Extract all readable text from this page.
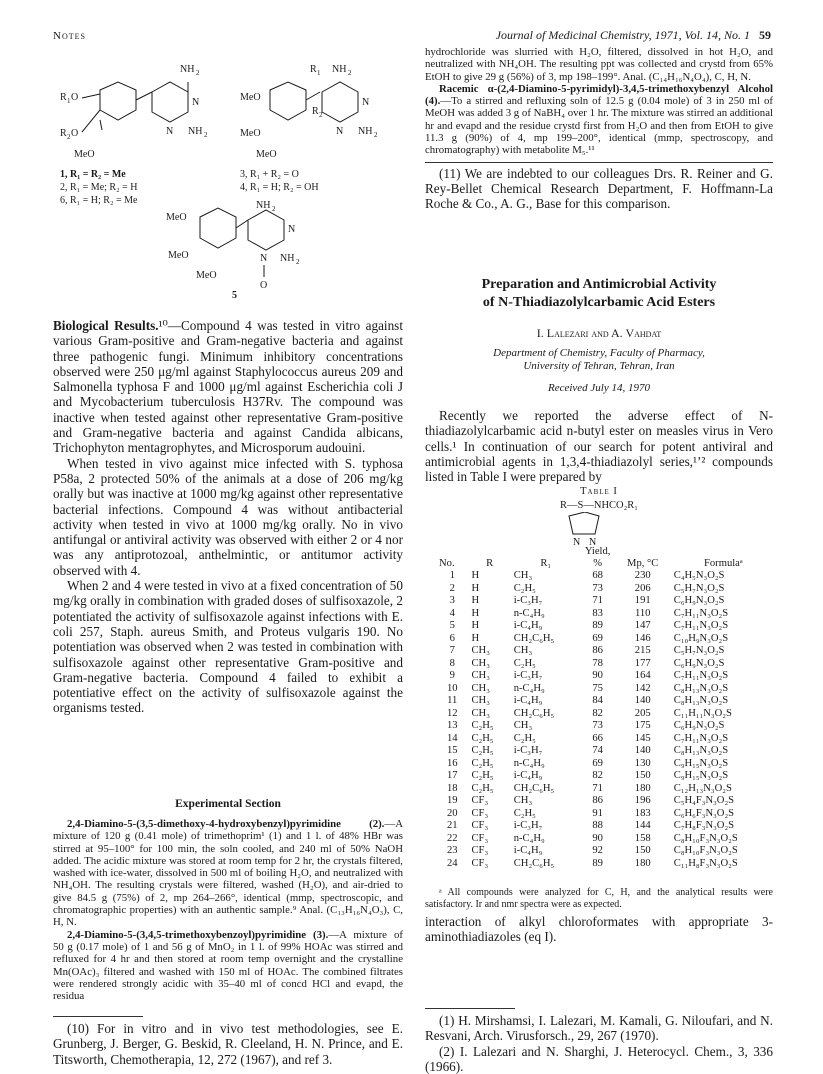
Notes	Journal of Medicinal Chemistry, 1971, Vol. 14, No. 1 59
NH 2
R 1 O
R 2 O
MeO
N
N NH 2
1, R₁ = R₂ = Me
2, R₁ = Me; R₂ = H
6, R₁ = H; R₂ = Me
R 1 NH 2
MeO
MeO
MeO
R 2
N
N NH 2
3, R₁ + R₂ = O
4, R₁ = H; R₂ = OH
NH 2
MeO
MeO
MeO
N
N NH 2
O
5

Biological Results.¹⁰—Compound 4 was tested in vitro against various Gram-positive and Gram-negative bacteria and against three pathogenic fungi. Minimum inhibitory concentrations observed were 250 μg/ml against Staphylococcus aureus 209 and Salmonella typhosa F and 1000 μg/ml against Escherichia coli J and Mycobacterium tuberculosis H37Rv. The compound was inactive when tested against other representative Gram-positive and Gram-negative bacteria and against Candida albicans, Trichophyton mentagrophytes, and Microsporum audouini.

When tested in vivo against mice infected with S. typhosa P58a, 2 protected 50% of the animals at a dose of 206 mg/kg orally but was inactive at 1000 mg/kg against other representative bacterial infections. Compound 4 was without antibacterial activity when tested in vivo at 1000 mg/kg orally. No in vivo antifungal or antiviral activity was observed with either 2 or 4 nor was any antiprotozoal, anthelmintic, or antitumor activity observed with 4.

When 2 and 4 were tested in vivo at a fixed concentration of 50 mg/kg orally in combination with graded doses of sulfisoxazole, 2 potentiated the activity of sulfisoxazole against infections with E. coli 257, Staph. aureus Smith, and Proteus vulgaris 190. No potentiation was observed when 2 was tested in combination with sulfisoxazole against other representative Gram-positive and Gram-negative bacteria. Compound 4 failed to exhibit a potentiative effect on the activity of sulfisoxazole against the organisms tested.

Experimental Section

2,4-Diamino-5-(3,5-dimethoxy-4-hydroxybenzyl)pyrimidine (2).—A mixture of 120 g (0.41 mole) of trimethoprim¹ (1) and 1 l. of 48% HBr was stirred at 95–100° for 100 min, the soln cooled, and 240 ml of 50% NaOH added. The acidic mixture was stored at room temp for 2 hr, the crystals filtered, washed with ice-water, dissolved in 500 ml of boiling H₂O, and neutralized with NH₄OH. The resulting crystals were filtered, washed (H₂O), and air-dried to give 84.5 g (75%) of 2, mp 264–266°, identical (mmp, spectroscopic, and chromatographic properties) with an authentic sample.⁹ Anal. (C₁₃H₁₆N₄O₃), C, H, N.

2,4-Diamino-5-(3,4,5-trimethoxybenzoyl)pyrimidine (3).—A mixture of 50 g (0.17 mole) of 1 and 56 g of MnO₂ in 1 l. of 99% HOAc was stirred and refluxed for 4 hr and then stored at room temp overnight and the crystalline Mn(OAc)₃ filtered and washed with 150 ml of HOAc. The combined filtrates were rendered strongly acidic with 35–40 ml of concd HCl and evapd, the residua

(10) For in vitro and in vivo test methodologies, see E. Grunberg, J. Berger, G. Beskid, R. Cleeland, H. N. Prince, and E. Titsworth, Chemotherapia, 12, 272 (1967), and ref 3.

hydrochloride was slurried with H₂O, filtered, dissolved in hot H₂O, and neutralized with NH₄OH. The resulting ppt was collected and crystd from 65% EtOH to give 29 g (56%) of 3, mp 198–199°. Anal. (C₁₄H₁₆N₄O₄), C, H, N.

Racemic α-(2,4-Diamino-5-pyrimidyl)-3,4,5-trimethoxybenzyl Alcohol (4).—To a stirred and refluxing soln of 12.5 g (0.04 mole) of 3 in 250 ml of MeOH was added 3 g of NaBH₄ over 1 hr. The mixture was stirred an additional hr and evapd and the residue crystd first from H₂O and then from EtOH to give 11.3 g (90%) of 4, mp 199–200°, identical (mmp, spectroscopy, and chromatography) with metabolite M₅.¹¹

(11) We are indebted to our colleagues Drs. R. Reiner and G. Rey-Bellet Chemical Research Department, F. Hoffmann-La Roche & Co., A. G., Base for this comparison.

Preparation and Antimicrobial Activity
of N-Thiadiazolylcarbamic Acid Esters
I. Lalezari and A. Vahdat
Department of Chemistry, Faculty of Pharmacy,
University of Tehran, Tehran, Iran
Received July 14, 1970

Recently we reported the adverse effect of N-thiadiazolylcarbamic acid n-butyl ester on measles virus in Vero cells.¹ In continuation of our search for potent antiviral and antimicrobial agents in 1,3,4-thiadiazolyl series,¹ʼ² compounds listed in Table I were prepared by

Table I
R—S—NHCO₂R₁
N N
No.	R	R₁	Yield, %	Mp, °C	Formulaᵃ
1	H	CH₃	68	230	C₄H₅N₃O₂S
2	H	C₂H₅	73	206	C₅H₇N₃O₂S
3	H	i-C₃H₇	71	191	C₆H₉N₃O₂S
4	H	n-C₄H₉	83	110	C₇H₁₁N₃O₂S
5	H	i-C₄H₉	89	147	C₇H₁₁N₃O₂S
6	H	CH₂C₆H₅	69	146	C₁₀H₉N₃O₂S
7	CH₃	CH₃	86	215	C₅H₇N₃O₂S
8	CH₃	C₂H₅	78	177	C₆H₉N₃O₂S
9	CH₃	i-C₃H₇	90	164	C₇H₁₁N₃O₂S
10	CH₃	n-C₄H₉	75	142	C₈H₁₃N₃O₂S
11	CH₃	i-C₄H₉	84	140	C₈H₁₃N₃O₂S
12	CH₃	CH₂C₆H₅	82	205	C₁₁H₁₁N₃O₂S
13	C₂H₅	CH₃	73	175	C₆H₉N₃O₂S
14	C₂H₅	C₂H₅	66	145	C₇H₁₁N₃O₂S
15	C₂H₅	i-C₃H₇	74	140	C₈H₁₃N₃O₂S
16	C₂H₅	n-C₄H₉	69	130	C₉H₁₅N₃O₂S
17	C₂H₅	i-C₄H₉	82	150	C₉H₁₅N₃O₂S
18	C₂H₅	CH₂C₆H₅	71	180	C₁₂H₁₃N₃O₂S
19	CF₃	CH₃	86	196	C₅H₄F₃N₃O₂S
20	CF₃	C₂H₅	91	183	C₆H₆F₃N₃O₂S
21	CF₃	i-C₃H₇	88	144	C₇H₈F₃N₃O₂S
22	CF₃	n-C₄H₉	90	158	C₈H₁₀F₃N₃O₂S
23	CF₃	i-C₄H₉	92	150	C₈H₁₀F₃N₃O₂S
24	CF₃	CH₂C₆H₅	89	180	C₁₁H₈F₃N₃O₂S

ᵃ All compounds were analyzed for C, H, and the analytical results were satisfactory. Ir and nmr spectra were as expected.

interaction of alkyl chloroformates with appropriate 3-aminothiadiazoles (eq I).

(1) H. Mirshamsi, I. Lalezari, M. Kamali, G. Niloufari, and N. Resvani, Arch. Virusforsch., 29, 267 (1970).

(2) I. Lalezari and N. Sharghi, J. Heterocycl. Chem., 3, 336 (1966).
